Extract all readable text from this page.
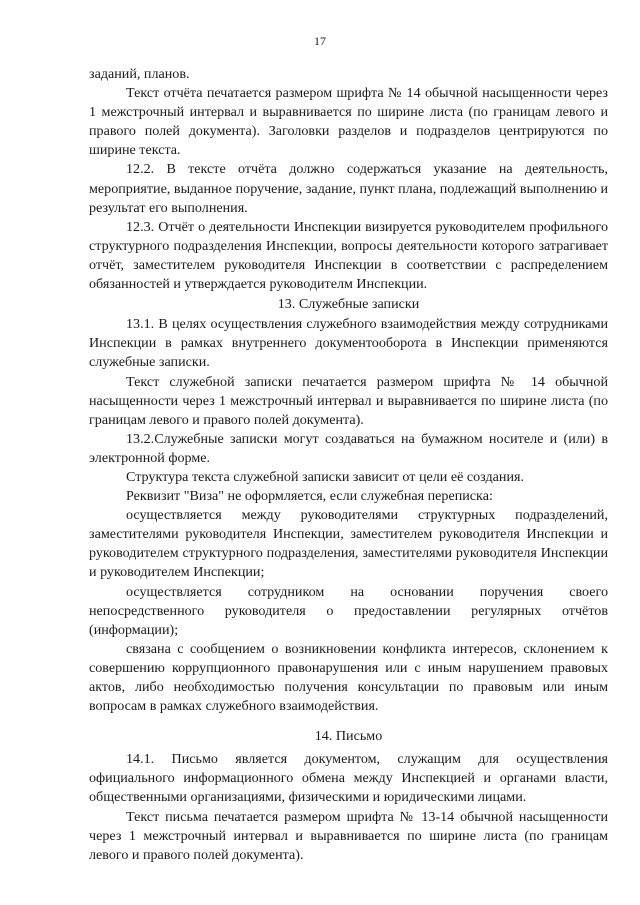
17

заданий, планов.

Текст отчёта печатается размером шрифта № 14 обычной насыщенности через 1 межстрочный интервал и выравнивается по ширине листа (по границам левого и правого полей документа). Заголовки разделов и подразделов центрируются по ширине текста.

12.2. В тексте отчёта должно содержаться указание на деятельность, мероприятие, выданное поручение, задание, пункт плана, подлежащий выполнению и результат его выполнения.

12.3. Отчёт о деятельности Инспекции визируется руководителем профильного структурного подразделения Инспекции, вопросы деятельности которого затрагивает отчёт, заместителем руководителя Инспекции в соответствии с распределением обязанностей и утверждается руководителм Инспекции.

13. Служебные записки

13.1. В целях осуществления служебного взаимодействия между сотрудниками Инспекции в рамках внутреннего документооборота в Инспекции применяются служебные записки.

Текст служебной записки печатается размером шрифта № 14 обычной насыщенности через 1 межстрочный интервал и выравнивается по ширине листа (по границам левого и правого полей документа).

13.2.Служебные записки могут создаваться на бумажном носителе и (или) в электронной форме.

Структура текста служебной записки зависит от цели её создания.

Реквизит "Виза" не оформляется, если служебная переписка:

осуществляется между руководителями структурных подразделений, заместителями руководителя Инспекции, заместителем руководителя Инспекции и руководителем структурного подразделения, заместителями руководителя Инспекции и руководителем Инспекции;

осуществляется сотрудником на основании поручения своего непосредственного руководителя о предоставлении регулярных отчётов (информации);

связана с сообщением о возникновении конфликта интересов, склонением к совершению коррупционного правонарушения или с иным нарушением правовых актов, либо необходимостью получения консультации по правовым или иным вопросам в рамках служебного взаимодействия.

14. Письмо

14.1. Письмо является документом, служащим для осуществления официального информационного обмена между Инспекцией и органами власти, общественными организациями, физическими и юридическими лицами.

Текст письма печатается размером шрифта № 13-14 обычной насыщенности через 1 межстрочный интервал и выравнивается по ширине листа (по границам левого и правого полей документа).
